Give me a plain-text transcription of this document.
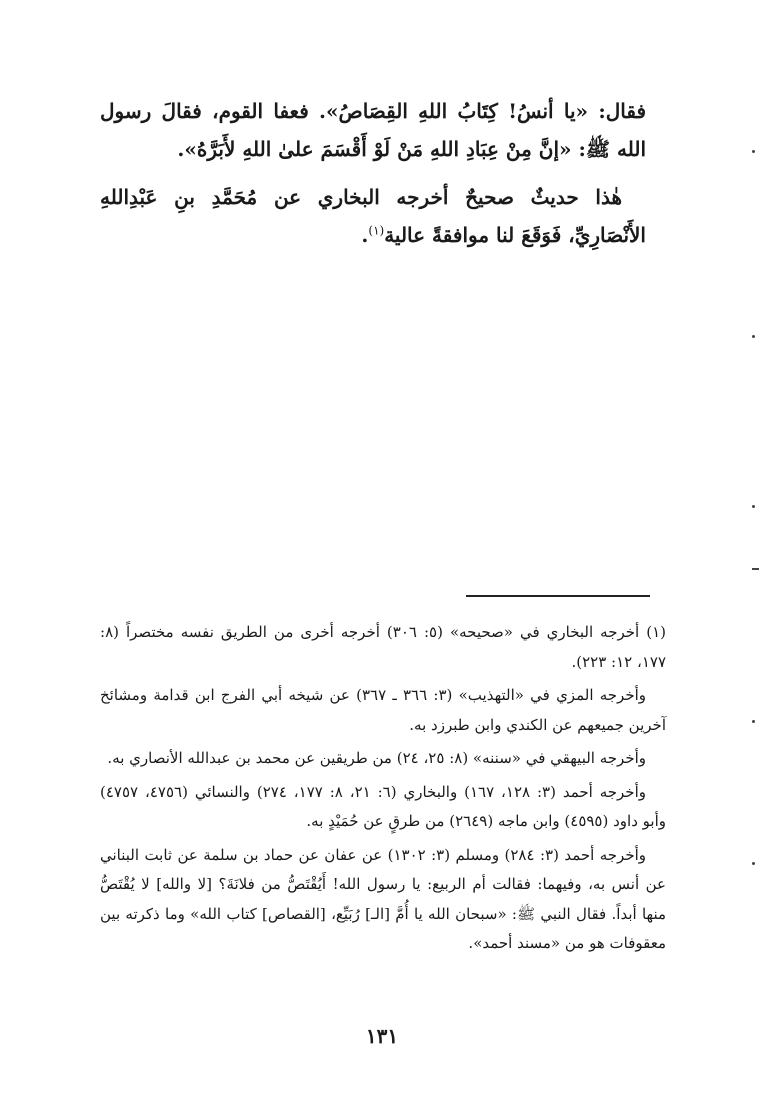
فقال: «يا أنسُ! كِتَابُ اللهِ القِصَاصُ». فعفا القوم، فقالَ رسول الله ﷺ: «إنَّ مِنْ عِبَادِ اللهِ مَنْ لَوْ أَقْسَمَ علىٰ اللهِ لأَبَرَّهُ».

هٰذا حديثٌ صحيحٌ أخرجه البخاري عن مُحَمَّدِ بنِ عَبْدِاللهِ الأَنْصَارِيِّ، فَوَقَعَ لنا موافقةً عالية$^{(١)}$.

(١) أخرجه البخاري في «صحيحه» (٥: ٣٠٦) أخرجه أخرى من الطريق نفسه مختصراً (٨: ١٧٧، ١٢: ٢٢٣).

وأخرجه المزي في «التهذيب» (٣: ٣٦٦ ـ ٣٦٧) عن شيخه أبي الفرج ابن قدامة ومشائخ آخرين جميعهم عن الكندي وابن طبرزد به.

وأخرجه البيهقي في «سننه» (٨: ٢٥، ٢٤) من طريقين عن محمد بن عبدالله الأنصاري به.

وأخرجه أحمد (٣: ١٢٨، ١٦٧) والبخاري (٦: ٢١، ٨: ١٧٧، ٢٧٤) والنسائي (٤٧٥٦، ٤٧٥٧) وأبو داود (٤٥٩٥) وابن ماجه (٢٦٤٩) من طرقٍ عن حُمَيْدٍ به.

وأخرجه أحمد (٣: ٢٨٤) ومسلم (٣: ١٣٠٢) عن عفان عن حماد بن سلمة عن ثابت البناني عن أنس به، وفيهما: فقالت أم الربيع: يا رسول الله! أَيُقْتَصُّ من فلانَةَ؟ [لا والله] لا يُقْتَصُّ منها أبداً. فقال النبي ﷺ: «سبحان الله يا أُمَّ [الـ] رُبَيِّع، [القصاص] كتاب الله» وما ذكرته بين معقوفات هو من «مسند أحمد».

١٣١
